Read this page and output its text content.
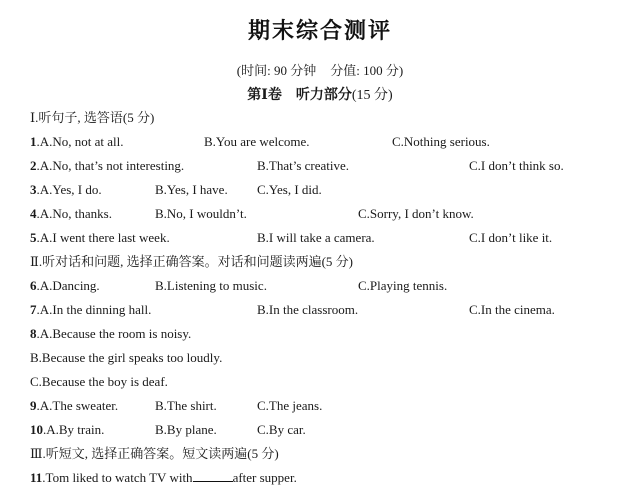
期末综合测评
(时间: 90 分钟 分值: 100 分)
第Ⅰ卷　听力部分(15 分)
Ⅰ.听句子, 选答语(5 分)
1.A.No, not at all.	B.You are welcome.	C.Nothing serious.
2.A.No, that’s not interesting.	B.That’s creative.	C.I don’t think so.
3.A.Yes, I do.	B.Yes, I have. C.Yes, I did.
4.A.No, thanks.	B.No, I wouldn’t.	C.Sorry, I don’t know.
5.A.I went there last week.	B.I will take a camera.	C.I don’t like it.
Ⅱ.听对话和问题, 选择正确答案。对话和问题读两遍(5 分)
6.A.Dancing.	B.Listening to music.	C.Playing tennis.
7.A.In the dinning hall.	B.In the classroom.	C.In the cinema.
8.A.Because the room is noisy.
B.Because the girl speaks too loudly.
C.Because the boy is deaf.
9.A.The sweater.	B.The shirt.	C.The jeans.
10.A.By train.	B.By plane.	C.By car.
Ⅲ.听短文, 选择正确答案。短文读两遍(5 分)
11.Tom liked to watch TV with	after supper.
